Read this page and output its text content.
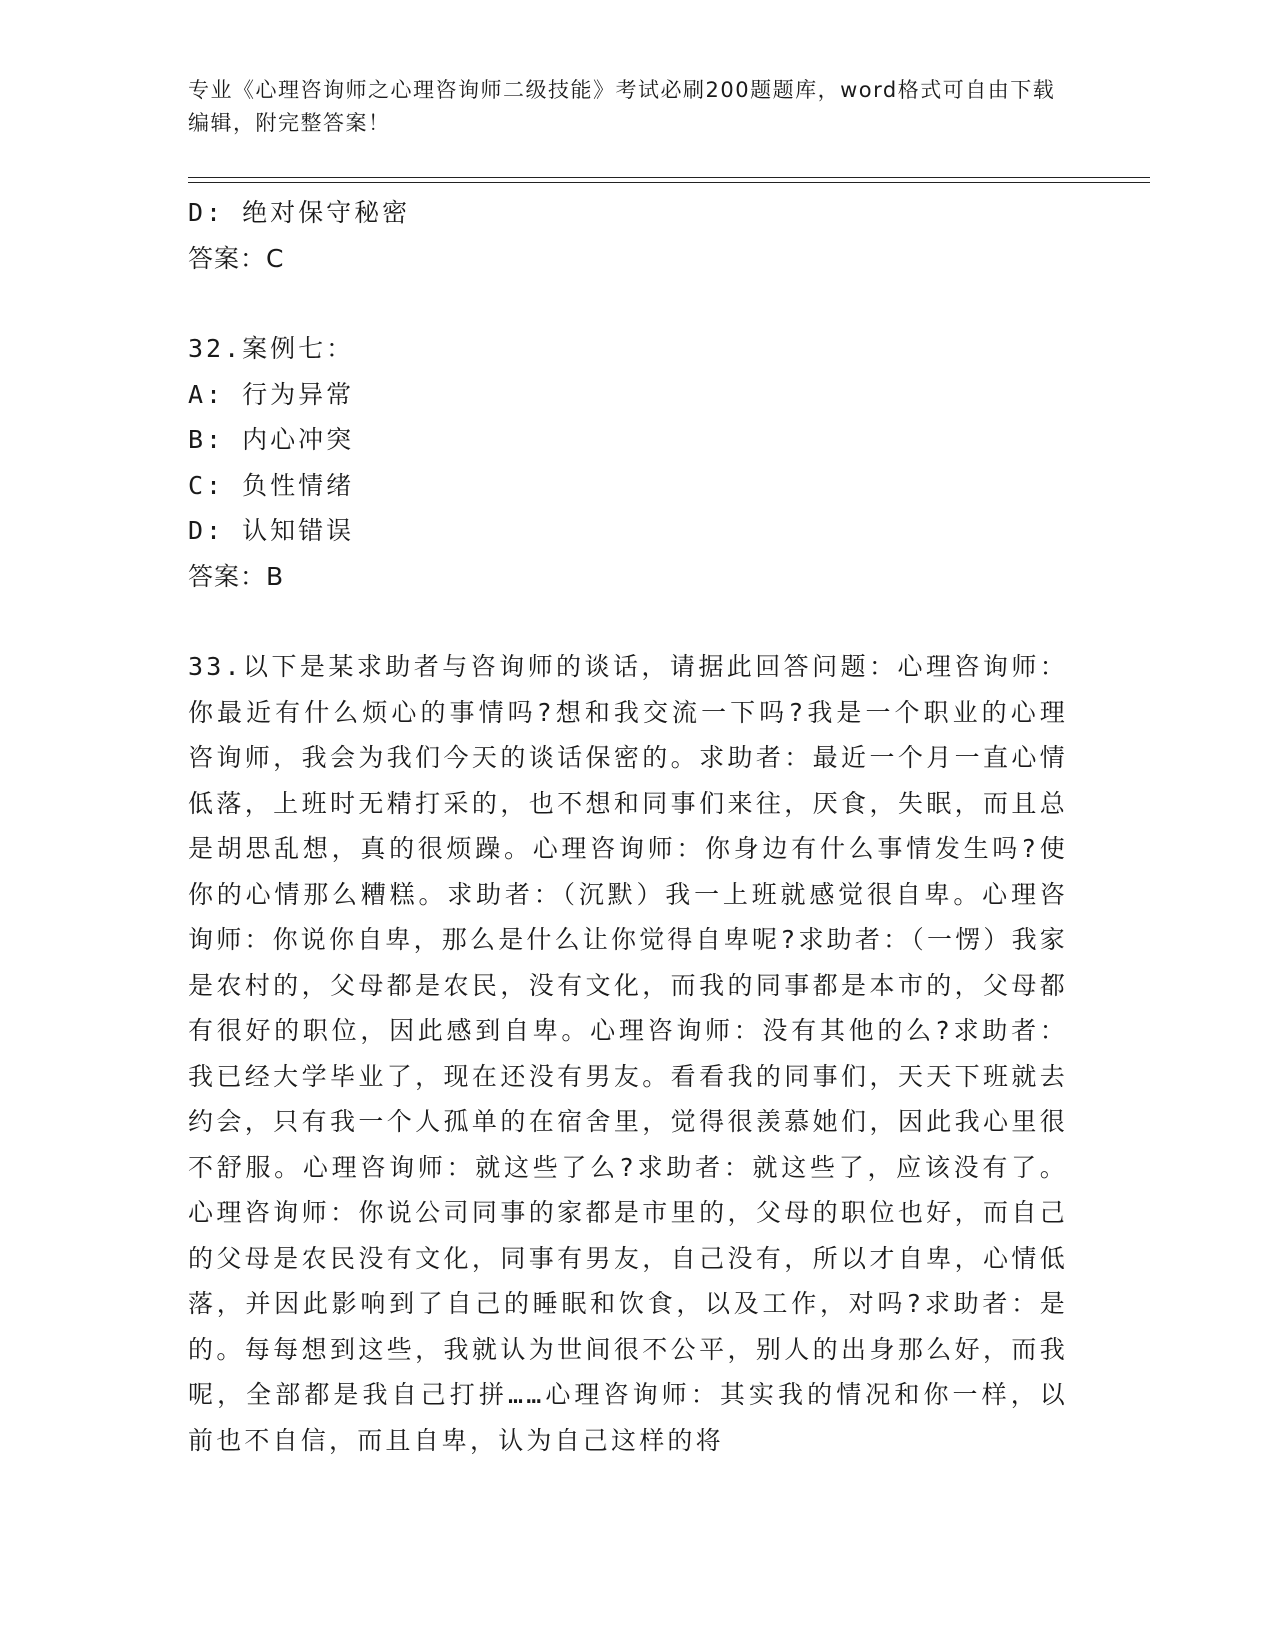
专业《心理咨询师之心理咨询师二级技能》考试必刷200题题库，word格式可自由下载编辑，附完整答案！
D: 绝对保守秘密
答案：C
32.案例七：
A: 行为异常
B: 内心冲突
C: 负性情绪
D: 认知错误
答案：B
33.以下是某求助者与咨询师的谈话，请据此回答问题：心理咨询师：你最近有什么烦心的事情吗?想和我交流一下吗?我是一个职业的心理咨询师，我会为我们今天的谈话保密的。求助者：最近一个月一直心情低落，上班时无精打采的，也不想和同事们来往，厌食，失眠，而且总是胡思乱想，真的很烦躁。心理咨询师：你身边有什么事情发生吗?使你的心情那么糟糕。求助者：（沉默）我一上班就感觉很自卑。心理咨询师：你说你自卑，那么是什么让你觉得自卑呢?求助者：（一愣）我家是农村的，父母都是农民，没有文化，而我的同事都是本市的，父母都有很好的职位，因此感到自卑。心理咨询师：没有其他的么?求助者：我已经大学毕业了，现在还没有男友。看看我的同事们，天天下班就去约会，只有我一个人孤单的在宿舍里，觉得很羡慕她们，因此我心里很不舒服。心理咨询师：就这些了么?求助者：就这些了，应该没有了。心理咨询师：你说公司同事的家都是市里的，父母的职位也好，而自己的父母是农民没有文化，同事有男友，自己没有，所以才自卑，心情低落，并因此影响到了自己的睡眠和饮食，以及工作，对吗?求助者：是的。每每想到这些，我就认为世间很不公平，别人的出身那么好，而我呢，全部都是我自己打拼……心理咨询师：其实我的情况和你一样，以前也不自信，而且自卑，认为自己这样的将
